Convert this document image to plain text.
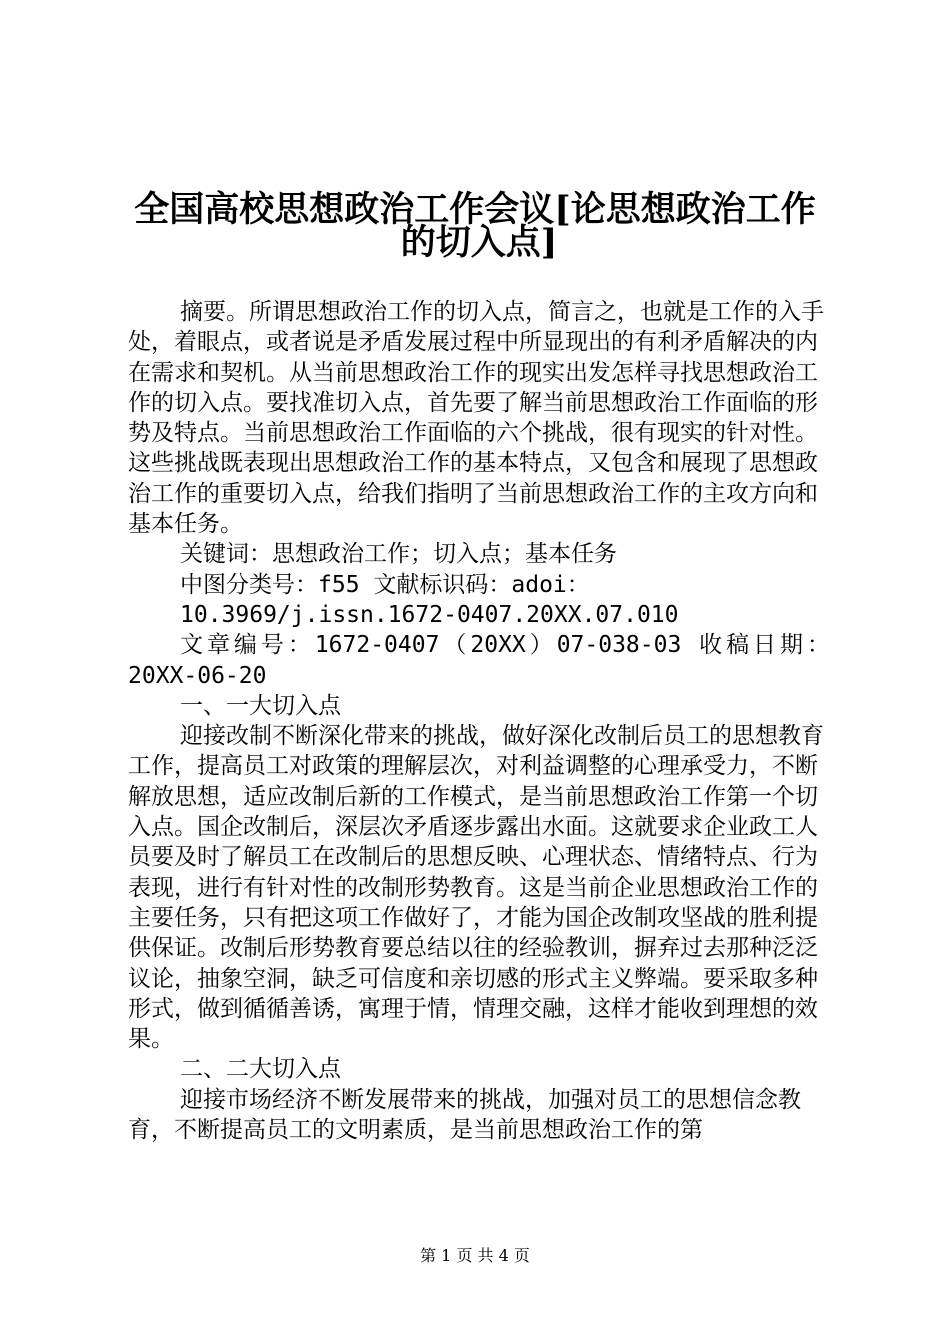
全国高校思想政治工作会议[论思想政治工作
的切入点]

摘要。所谓思想政治工作的切入点，简言之，也就是工作的入手处，着眼点，或者说是矛盾发展过程中所显现出的有利矛盾解决的内在需求和契机。从当前思想政治工作的现实出发怎样寻找思想政治工作的切入点。要找准切入点，首先要了解当前思想政治工作面临的形势及特点。当前思想政治工作面临的六个挑战，很有现实的针对性。这些挑战既表现出思想政治工作的基本特点，又包含和展现了思想政治工作的重要切入点，给我们指明了当前思想政治工作的主攻方向和基本任务。

关键词：思想政治工作；切入点；基本任务

中图分类号：f55 文献标识码：adoi：

10.3969/j.issn.1672-0407.20XX.07.010

文章编号：1672-0407（20XX）07-038-03 收稿日期：

20XX-06-20

一、一大切入点

迎接改制不断深化带来的挑战，做好深化改制后员工的思想教育工作，提高员工对政策的理解层次，对利益调整的心理承受力，不断解放思想，适应改制后新的工作模式，是当前思想政治工作第一个切入点。国企改制后，深层次矛盾逐步露出水面。这就要求企业政工人员要及时了解员工在改制后的思想反映、心理状态、情绪特点、行为表现，进行有针对性的改制形势教育。这是当前企业思想政治工作的主要任务，只有把这项工作做好了，才能为国企改制攻坚战的胜利提供保证。改制后形势教育要总结以往的经验教训，摒弃过去那种泛泛议论，抽象空洞，缺乏可信度和亲切感的形式主义弊端。要采取多种形式，做到循循善诱，寓理于情，情理交融，这样才能收到理想的效果。

二、二大切入点

迎接市场经济不断发展带来的挑战，加强对员工的思想信念教育，不断提高员工的文明素质，是当前思想政治工作的第

第 1 页 共 4 页
